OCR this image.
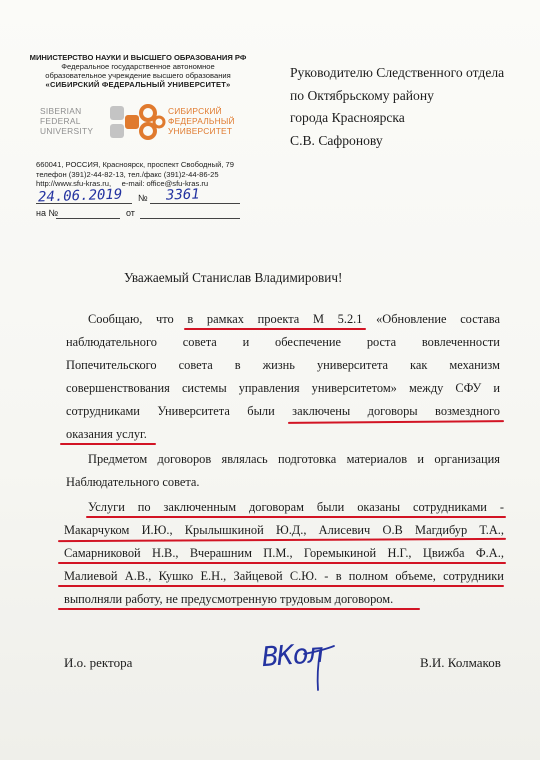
МИНИСТЕРСТВО НАУКИ И ВЫСШЕГО ОБРАЗОВАНИЯ РФ
Федеральное государственное автономное
образовательное учреждение высшего образования
«СИБИРСКИЙ ФЕДЕРАЛЬНЫЙ УНИВЕРСИТЕТ»
SIBERIAN
FEDERAL
UNIVERSITY
СИБИРСКИЙ
ФЕДЕРАЛЬНЫЙ
УНИВЕРСИТЕТ
660041, РОССИЯ, Красноярск, проспект Свободный, 79
телефон (391)2-44-82-13, тел./факс (391)2-44-86-25
http://www.sfu-kras.ru,     e-mail: office@sfu-kras.ru
24.06.2019 № 3361
на №	от
Руководителю Следственного отдела
по Октябрьскому району
города Красноярска
С.В. Сафронову
Уважаемый Станислав Владимирович!
Сообщаю, что в рамках проекта М 5.2.1 «Обновление состава
наблюдательного совета и обеспечение роста вовлеченности
Попечительского совета в жизнь университета как механизм
совершенствования системы управления университетом» между СФУ и
сотрудниками Университета были заключены договоры возмездного
оказания услуг.
Предметом договоров являлась подготовка материалов и организация
Наблюдательного совета.
Услуги по заключенным договорам были оказаны сотрудниками -
Макарчуком И.Ю., Крылышкиной Ю.Д., Алисевич О.В Магдибур Т.А.,
Самарниковой Н.В., Вчерашним П.М., Горемыкиной Н.Г., Цвижба Ф.А.,
Малиевой А.В., Кушко Е.Н., Зайцевой С.Ю. - в полном объеме, сотрудники
выполняли работу, не предусмотренную трудовым договором.
И.о. ректора	ВКол	В.И. Колмаков
